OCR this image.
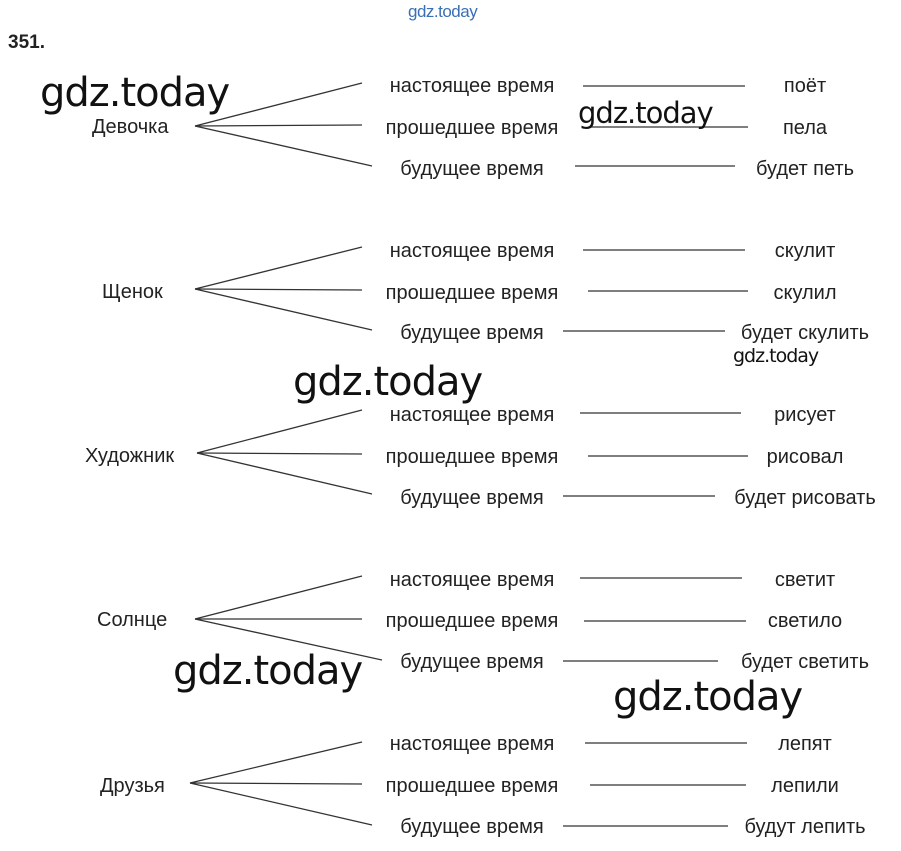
gdz.today
351.
Девочка
настоящее время
прошедшее время
будущее время
поёт
пела
будет петь
Щенок
настоящее время
прошедшее время
будущее время
скулит
скулил
будет скулить
Художник
настоящее время
прошедшее время
будущее время
рисует
рисовал
будет рисовать
Солнце
настоящее время
прошедшее время
будущее время
светит
светило
будет светить
Друзья
настоящее время
прошедшее время
будущее время
лепят
лепили
будут лепить
gdz.today	gdz.today
gdz.today
gdz.today
gdz.today
gdz.today
